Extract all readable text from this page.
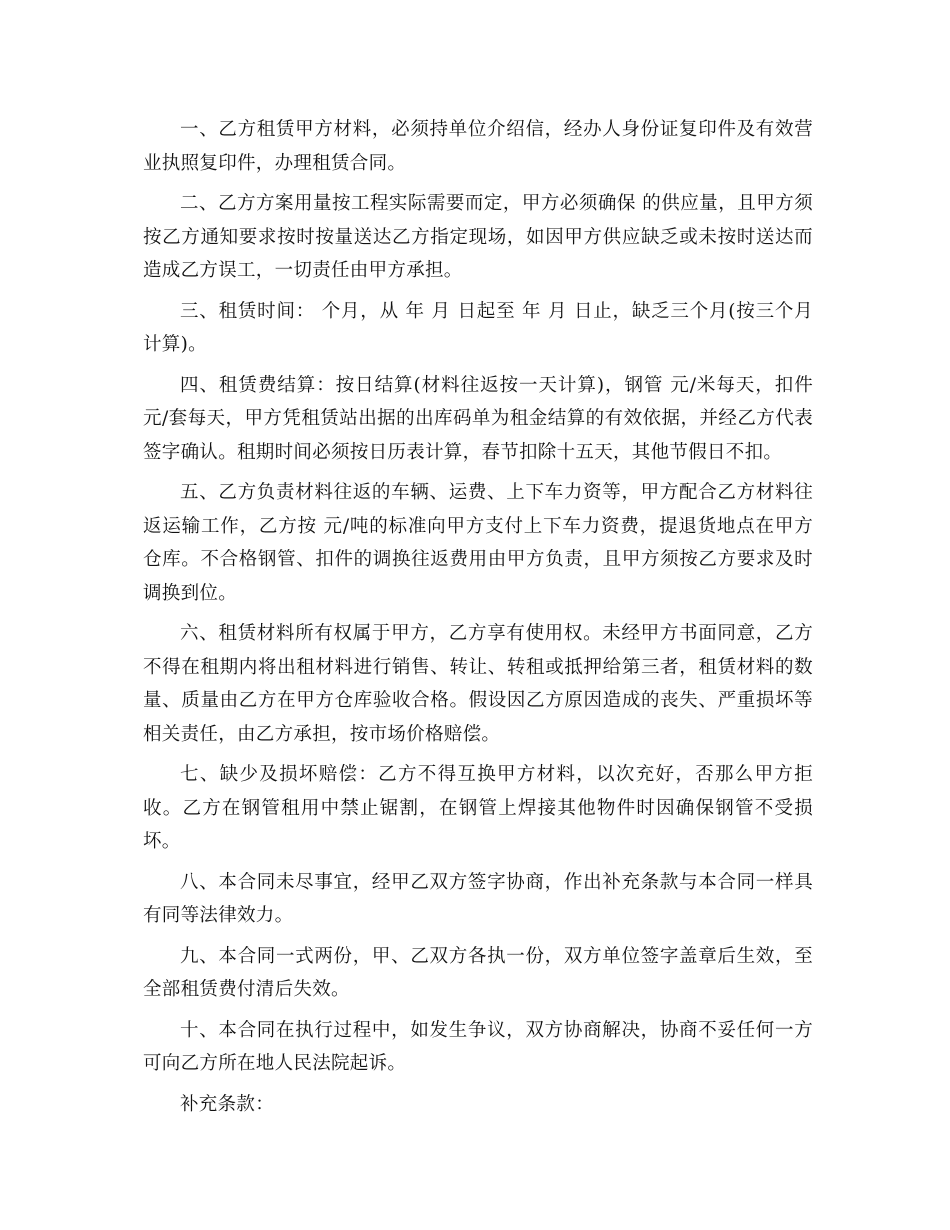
一、乙方租赁甲方材料，必须持单位介绍信，经办人身份证复印件及有效营业执照复印件，办理租赁合同。

二、乙方方案用量按工程实际需要而定，甲方必须确保 的供应量，且甲方须按乙方通知要求按时按量送达乙方指定现场，如因甲方供应缺乏或未按时送达而造成乙方误工，一切责任由甲方承担。

三、租赁时间： 个月，从 年 月 日起至 年 月 日止，缺乏三个月(按三个月计算)。

四、租赁费结算：按日结算(材料往返按一天计算)，钢管 元/米每天，扣件 元/套每天，甲方凭租赁站出据的出库码单为租金结算的有效依据，并经乙方代表签字确认。租期时间必须按日历表计算，春节扣除十五天，其他节假日不扣。

五、乙方负责材料往返的车辆、运费、上下车力资等，甲方配合乙方材料往返运输工作，乙方按 元/吨的标准向甲方支付上下车力资费，提退货地点在甲方仓库。不合格钢管、扣件的调换往返费用由甲方负责，且甲方须按乙方要求及时调换到位。

六、租赁材料所有权属于甲方，乙方享有使用权。未经甲方书面同意，乙方不得在租期内将出租材料进行销售、转让、转租或抵押给第三者，租赁材料的数量、质量由乙方在甲方仓库验收合格。假设因乙方原因造成的丧失、严重损坏等相关责任，由乙方承担，按市场价格赔偿。

七、缺少及损坏赔偿：乙方不得互换甲方材料，以次充好，否那么甲方拒收。乙方在钢管租用中禁止锯割，在钢管上焊接其他物件时因确保钢管不受损坏。

八、本合同未尽事宜，经甲乙双方签字协商，作出补充条款与本合同一样具有同等法律效力。

九、本合同一式两份，甲、乙双方各执一份，双方单位签字盖章后生效，至全部租赁费付清后失效。

十、本合同在执行过程中，如发生争议，双方协商解决，协商不妥任何一方可向乙方所在地人民法院起诉。

补充条款：
